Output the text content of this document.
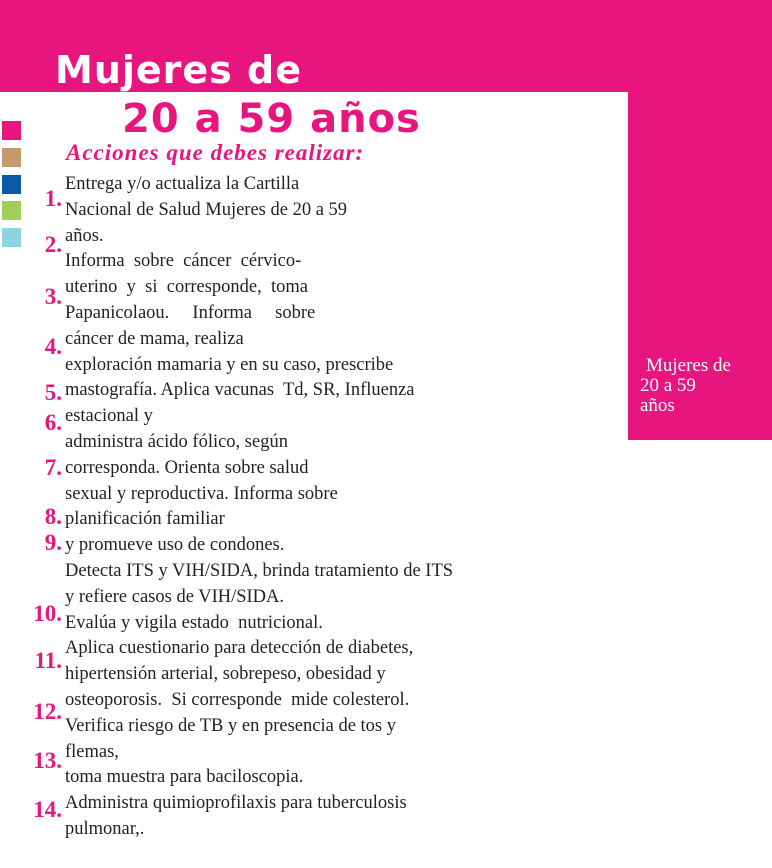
Mujeres de
20 a 59 años
Acciones que debes realizar:
1.
2.
3.
4.
5.
6.
7.
8.
9.
10.
11.
12.
13.
14.
Entrega y/o actualiza la Cartilla
Nacional de Salud Mujeres de 20 a 59
años.
Informa  sobre  cáncer  cérvico-
uterino  y  si  corresponde,  toma
Papanicolaou.     Informa     sobre
cáncer de mama, realiza
exploración mamaria y en su caso, prescribe
mastografía. Aplica vacunas  Td, SR, Influenza
estacional y
administra ácido fólico, según
corresponda. Orienta sobre salud
sexual y reproductiva. Informa sobre
planificación familiar
y promueve uso de condones.
Detecta ITS y VIH/SIDA, brinda tratamiento de ITS
y refiere casos de VIH/SIDA.
Evalúa y vigila estado  nutricional.
Aplica cuestionario para detección de diabetes,
hipertensión arterial, sobrepeso, obesidad y
osteoporosis.  Si corresponde  mide colesterol.
Verifica riesgo de TB y en presencia de tos y
flemas,
toma muestra para baciloscopia.
Administra quimioprofilaxis para tuberculosis
pulmonar,.
Mujeres de
20 a 59
años
